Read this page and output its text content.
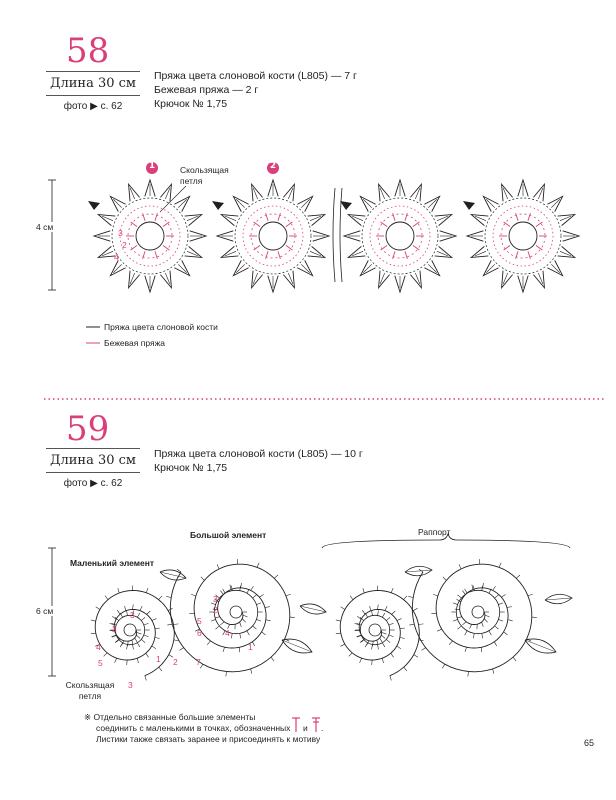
58
Длина 30 см
фото ▶ с. 62
Пряжа цвета слоновой кости (L805) — 7 г
Бежевая пряжа — 2 г
Крючок № 1,75
1	2
Скользящая петля
4 см
3
2
4
Пряжа цвета слоновой кости
Бежевая пряжа
59
Длина 30 см
фото ▶ с. 62
Пряжа цвета слоновой кости (L805) — 10 г
Крючок № 1,75
Большой элемент
Маленький элемент
Раппорт
6 см
Скользящая петля
3
2
4
5
6
7
1
2
3
4
5	1 2
3
※ Отдельно связанные большие элементы
соединить с маленькими в точках, обозначенных
Листики также связать заранее и присоединять к мотиву
и .
65
